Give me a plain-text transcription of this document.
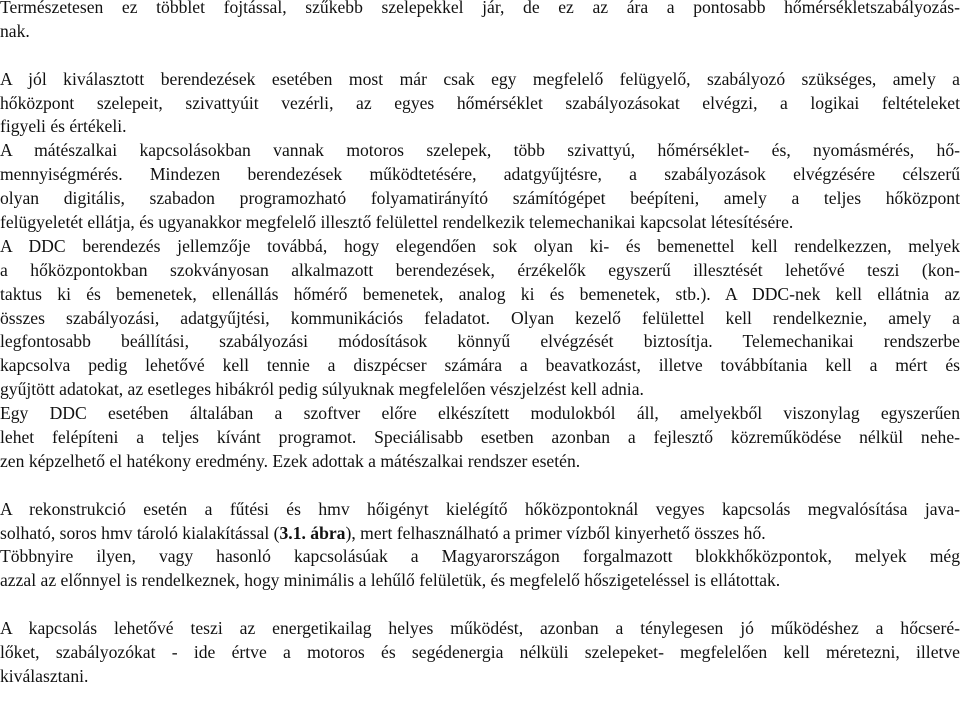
Természetesen ez többlet fojtással, szűkebb szelepekkel jár, de ez az ára a pontosabb hőmérsékletszabályozás-
nak.
A jól kiválasztott berendezések esetében most már csak egy megfelelő felügyelő, szabályozó szükséges, amely a
hőközpont szelepeit, szivattyúit vezérli, az egyes hőmérséklet szabályozásokat elvégzi, a logikai feltételeket
figyeli és értékeli.
A mátészalkai kapcsolásokban vannak motoros szelepek, több szivattyú, hőmérséklet- és, nyomásmérés, hő-
mennyiségmérés. Mindezen berendezések működtetésére, adatgyűjtésre, a szabályozások elvégzésére célszerű
olyan digitális, szabadon programozható folyamatirányító számítógépet beépíteni, amely a teljes hőközpont
felügyeletét ellátja, és ugyanakkor megfelelő illesztő felülettel rendelkezik telemechanikai kapcsolat létesítésére.
A DDC berendezés jellemzője továbbá, hogy elegendően sok olyan ki- és bemenettel kell rendelkezzen, melyek
a hőközpontokban szokványosan alkalmazott berendezések, érzékelők egyszerű illesztését lehetővé teszi (kon-
taktus ki és bemenetek, ellenállás hőmérő bemenetek, analog ki és bemenetek, stb.). A DDC-nek kell ellátnia az
összes szabályozási, adatgyűjtési, kommunikációs feladatot. Olyan kezelő felülettel kell rendelkeznie, amely a
legfontosabb beállítási, szabályozási módosítások könnyű elvégzését biztosítja. Telemechanikai rendszerbe
kapcsolva pedig lehetővé kell tennie a diszpécser számára a beavatkozást, illetve továbbítania kell a mért és
gyűjtött adatokat, az esetleges hibákról pedig súlyuknak megfelelően vészjelzést kell adnia.
Egy DDC esetében általában a szoftver előre elkészített modulokból áll, amelyekből viszonylag egyszerűen
lehet felépíteni a teljes kívánt programot. Speciálisabb esetben azonban a fejlesztő közreműködése nélkül nehe-
zen képzelhető el hatékony eredmény. Ezek adottak a mátészalkai rendszer esetén.
A rekonstrukció esetén a fűtési és hmv hőigényt kielégítő hőközpontoknál vegyes kapcsolás megvalósítása java-
solható, soros hmv tároló kialakítással (3.1. ábra), mert felhasználható a primer vízből kinyerhető összes hő.
Többnyire ilyen, vagy hasonló kapcsolásúak a Magyarországon forgalmazott blokkhőközpontok, melyek még
azzal az előnnyel is rendelkeznek, hogy minimális a lehűlő felületük, és megfelelő hőszigeteléssel is ellátottak.
A kapcsolás lehetővé teszi az energetikailag helyes működést, azonban a ténylegesen jó működéshez a hőcseré-
lőket, szabályozókat - ide értve a motoros és segédenergia nélküli szelepeket- megfelelően kell méretezni, illetve
kiválasztani.
